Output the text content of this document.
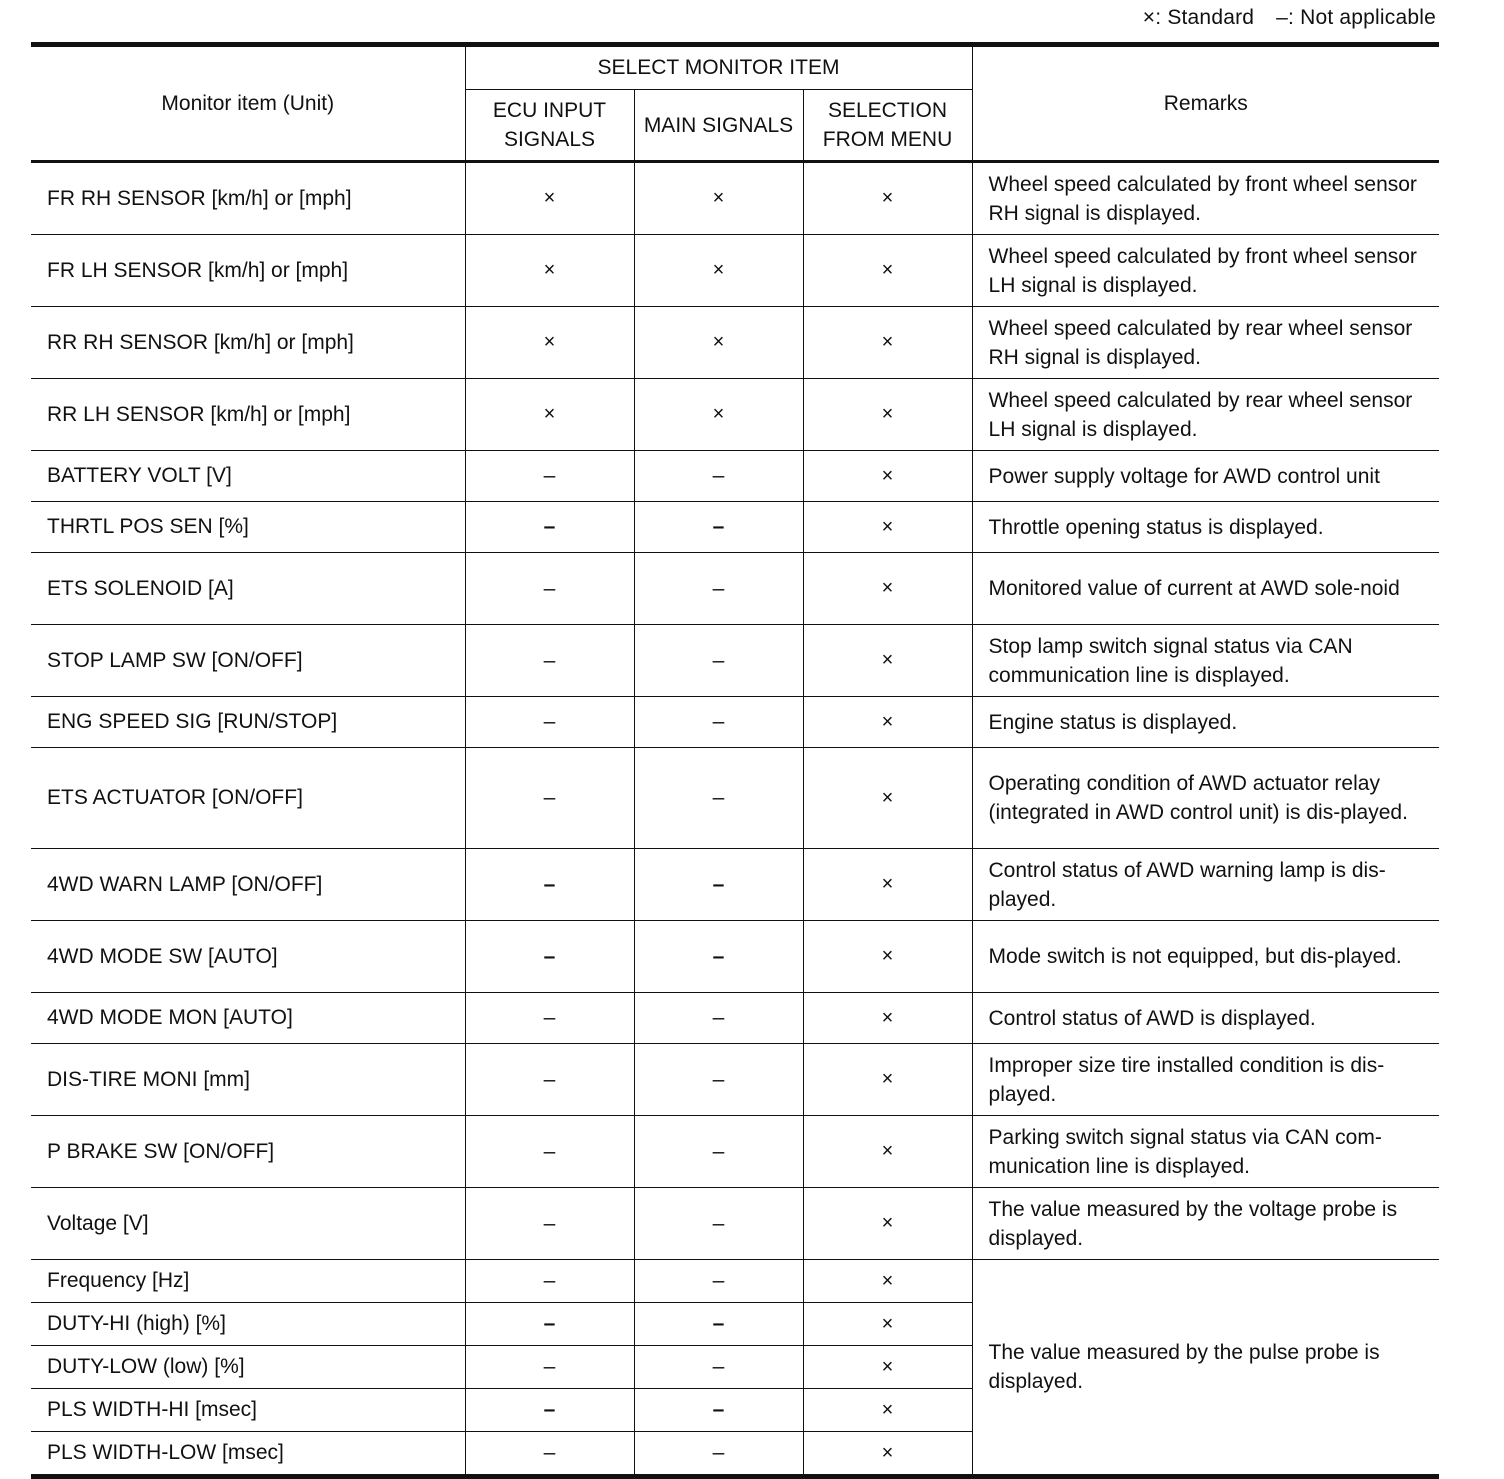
×: Standard –: Not applicable
Monitor item (Unit)	SELECT MONITOR ITEM			Remarks
	ECU INPUT SIGNALS	MAIN SIGNALS	SELECTION FROM MENU	
FR RH SENSOR [km/h] or [mph]	×	×	×	Wheel speed calculated by front wheel sensor RH signal is displayed.
FR LH SENSOR [km/h] or [mph]	×	×	×	Wheel speed calculated by front wheel sensor LH signal is displayed.
RR RH SENSOR [km/h] or [mph]	×	×	×	Wheel speed calculated by rear wheel sensor RH signal is displayed.
RR LH SENSOR [km/h] or [mph]	×	×	×	Wheel speed calculated by rear wheel sensor LH signal is displayed.
BATTERY VOLT [V]	–	–	×	Power supply voltage for AWD control unit
THRTL POS SEN [%]	–	–	×	Throttle opening status is displayed.
ETS SOLENOID [A]	–	–	×	Monitored value of current at AWD sole-noid
STOP LAMP SW [ON/OFF]	–	–	×	Stop lamp switch signal status via CAN communication line is displayed.
ENG SPEED SIG [RUN/STOP]	–	–	×	Engine status is displayed.
ETS ACTUATOR [ON/OFF]	–	–	×	Operating condition of AWD actuator relay (integrated in AWD control unit) is dis-played.
4WD WARN LAMP [ON/OFF]	–	–	×	Control status of AWD warning lamp is dis-played.
4WD MODE SW [AUTO]	–	–	×	Mode switch is not equipped, but dis-played.
4WD MODE MON [AUTO]	–	–	×	Control status of AWD is displayed.
DIS-TIRE MONI [mm]	–	–	×	Improper size tire installed condition is dis-played.
P BRAKE SW [ON/OFF]	–	–	×	Parking switch signal status via CAN com-munication line is displayed.
Voltage [V]	–	–	×	The value measured by the voltage probe is displayed.
Frequency [Hz]	–	–	×	The value measured by the pulse probe is displayed.
DUTY-HI (high) [%]	–	–	×	
DUTY-LOW (low) [%]	–	–	×	
PLS WIDTH-HI [msec]	–	–	×	
PLS WIDTH-LOW [msec]	–	–	×	
